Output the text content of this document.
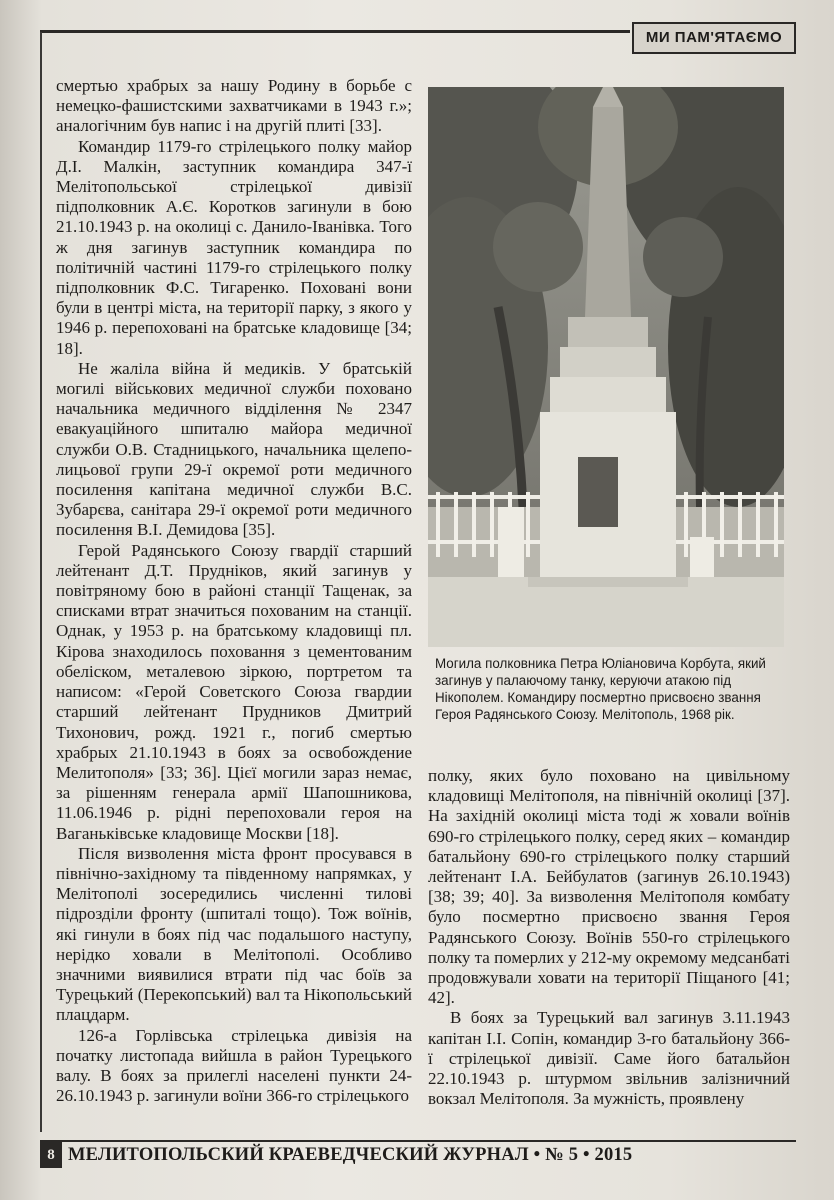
МИ ПАМ'ЯТАЄМО

смертью храбрых за нашу Родину в борьбе с немецко-фашистскими захватчиками в 1943 г.»; аналогічним був напис і на другій плиті [33].

Командир 1179-го стрілецького полку майор Д.І. Малкін, заступник командира 347-ї Мелітопольської стрілецької дивізії підполковник А.Є. Коротков загинули в бою 21.10.1943 р. на околиці с. Данило-Іванівка. Того ж дня загинув заступник командира по політичній частині 1179-го стрілецького полку підполковник Ф.С. Тигаренко. Поховані вони були в центрі міста, на території парку, з якого у 1946 р. перепоховані на братське кладовище [34; 18].

Не жаліла війна й медиків. У братській могилі військових медичної служби поховано начальника медичного відділення № 2347 евакуаційного шпиталю майора медичної служби О.В. Стадницького, начальника щелепо-лицьової групи 29-ї окремої роти медичного посилення капітана медичної служби В.С. Зубарєва, санітара 29-ї окремої роти медичного посилення В.І. Демидова [35].

Герой Радянського Союзу гвардії старший лейтенант Д.Т. Прудніков, який загинув у повітряному бою в районі станції Тащенак, за списками втрат значиться похованим на станції. Однак, у 1953 р. на братському кладовищі пл. Кірова знаходилось поховання з цементованим обеліском, металевою зіркою, портретом та написом: «Герой Советского Союза гвардии старший лейтенант Прудников Дмитрий Тихонович, рожд. 1921 г., погиб смертью храбрых 21.10.1943 в боях за освобождение Мелитополя» [33; 36]. Цієї могили зараз немає, за рішенням генерала армії Шапошникова, 11.06.1946 р. рідні перепоховали героя на Ваганьківське кладовище Москви [18].

Після визволення міста фронт просувався в північно-західному та південному напрямках, у Мелітополі зосередились численні тилові підрозділи фронту (шпиталі тощо). Тож воїнів, які гинули в боях під час подальшого наступу, нерідко ховали в Мелітополі. Особливо значними виявилися втрати під час боїв за Турецький (Перекопський) вал та Нікопольський плацдарм.

126-а Горлівська стрілецька дивізія на початку листопада вийшла в район Турецького валу. В боях за прилеглі населені пункти 24-26.10.1943 р. загинули воїни 366-го стрілецького

Могила полковника Петра Юліановича Корбута, який загинув у палаючому танку, керуючи атакою під Нікополем. Командиру посмертно присвоєно звання Героя Радянського Союзу. Мелітополь, 1968 рік.

полку, яких було поховано на цивільному кладовищі Мелітополя, на північній околиці [37]. На західній околиці міста тоді ж ховали воїнів 690-го стрілецького полку, серед яких – командир батальйону 690-го стрілецького полку старший лейтенант І.А. Бейбулатов (загинув 26.10.1943) [38; 39; 40]. За визволення Мелітополя комбату було посмертно присвоєно звання Героя Радянського Союзу. Воїнів 550-го стрілецького полку та померлих у 212-му окремому медсанбаті продовжували ховати на території Піщаного [41; 42].

В боях за Турецький вал загинув 3.11.1943 капітан І.І. Сопін, командир 3-го батальйону 366-ї стрілецької дивізії. Саме його батальйон 22.10.1943 р. штурмом звільнив залізничний вокзал Мелітополя. За мужність, проявлену

8 МЕЛИТОПОЛЬСКИЙ КРАЕВЕДЧЕСКИЙ ЖУРНАЛ • № 5 • 2015
